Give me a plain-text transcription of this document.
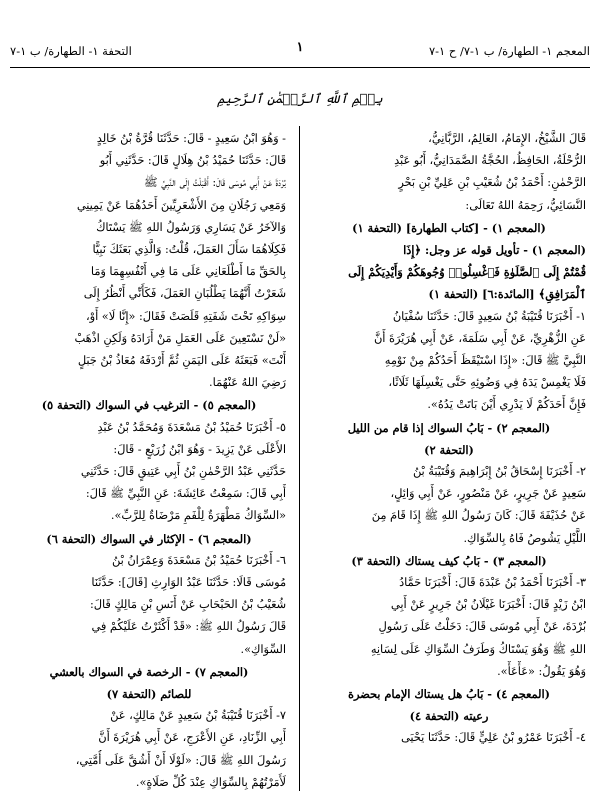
المعجم ١- الطهارة/ ب ١-٧/ ح ١-٧
١
التحفة ١- الطهارة/ ب ١-٧
بِسۡمِ ٱللَّهِ ٱلرَّحۡمَٰنِ ٱلرَّحِيمِ
قَالَ الشَّيْخُ، الإِمَامُ، العَالِمُ، الرَّبَّانِيُّ،
الرُّحْلَةُ، الحَافِظُ، الحُجَّةُ الصَّمَدَانِيُّ، أَبُو عَبْدِ
الرَّحْمٰنِ: أَحْمَدُ بْنُ شُعَيْبِ بْنِ عَلِيِّ بْنِ بَحْرٍ
النَّسَائِيُّ، رَحِمَهُ اللهُ تَعَالَى:
(المعجم ١) - [كتاب الطهارة] (التحفة ١)
(المعجم ١) - تأويل قوله عز وجل: ﴿إِذَا
قُمْتُمْ إِلَى ٱلصَّلَوٰةِ فَٱغْسِلُوا۟ وُجُوهَكُمْ وَأَيْدِيَكُمْ إِلَى
ٱلْمَرَافِقِ﴾ [المائدة:٦] (التحفة ١)
١- أَخْبَرَنَا قُتَيْبَةُ بْنُ سَعِيدٍ قَالَ: حَدَّثَنَا سُفْيَانُ
عَنِ الزُّهْرِيِّ، عَنْ أَبِي سَلَمَةَ، عَنْ أَبِي هُرَيْرَةَ أَنَّ
النَّبِيَّ ﷺ قَالَ: «إِذَا اسْتَيْقَظَ أَحَدُكُمْ مِنْ نَوْمِهِ
فَلَا يَغْمِسْ يَدَهُ فِي وَضُوئِهِ حَتَّى يَغْسِلَهَا ثَلَاثًا،
فَإِنَّ أَحَدَكُمْ لَا يَدْرِي أَيْنَ بَاتَتْ يَدُهُ».
(المعجم ٢) - بَابُ السواك إذا قام من الليل
(التحفة ٢)
٢- أَخْبَرَنَا إِسْحَاقُ بْنُ إِبْرَاهِيمَ وَقُتَيْبَةُ بْنُ
سَعِيدٍ عَنْ جَرِيرٍ، عَنْ مَنْصُورٍ، عَنْ أَبِي وَائِلٍ،
عَنْ حُذَيْفَةَ قَالَ: كَانَ رَسُولُ اللهِ ﷺ إِذَا قَامَ مِنَ
اللَّيْلِ يَشُوصُ فَاهُ بِالسِّوَاكِ.
(المعجم ٣) - بَابُ كيف يستاك (التحفة ٣)
٣- أَخْبَرَنَا أَحْمَدُ بْنُ عَبْدَةَ قَالَ: أَخْبَرَنَا حَمَّادُ
ابْنُ زَيْدٍ قَالَ: أَخْبَرَنَا غَيْلَانُ بْنُ جَرِيرٍ عَنْ أَبِي
بُرْدَةَ، عَنْ أَبِي مُوسَى قَالَ: دَخَلْتُ عَلَى رَسُولِ
اللهِ ﷺ وَهُوَ يَسْتَاكُ وَطَرَفُ السِّوَاكِ عَلَى لِسَانِهِ
وَهُوَ يَقُولُ: «عَأْعَأْ».
(المعجم ٤) - بَابُ هل يستاك الإمام بحضرة
رعيته (التحفة ٤)
٤- أَخْبَرَنَا عَمْرُو بْنُ عَلِيٍّ قَالَ: حَدَّثَنَا يَحْيَى
- وَهُوَ ابْنُ سَعِيدٍ - قَالَ: حَدَّثَنَا قُرَّةُ بْنُ خَالِدٍ
قَالَ: حَدَّثَنَا حُمَيْدُ بْنُ هِلَالٍ قَالَ: حَدَّثَنِي أَبُو
بُرْدَةَ عَنْ أَبِي مُوسَى قَالَ: أَقْبَلْتُ إِلَى النَّبِيِّ ﷺ
وَمَعِي رَجُلَانِ مِنَ الأَشْعَرِيِّينَ أَحَدُهُمَا عَنْ يَمِينِي
وَالآخَرُ عَنْ يَسَارِي وَرَسُولُ اللهِ ﷺ يَسْتَاكُ
فَكِلَاهُمَا سَأَلَ العَمَلَ، قُلْتُ: وَالَّذِي بَعَثَكَ نَبِيًّا
بِالحَقِّ مَا أَطْلَعَانِي عَلَى مَا فِي أَنْفُسِهِمَا وَمَا
شَعَرْتُ أَنَّهُمَا يَطْلُبَانِ العَمَلَ، فَكَأَنِّي أَنْظُرُ إِلَى
سِوَاكِهِ تَحْتَ شَفَتِهِ قَلَصَتْ فَقَالَ: «إِنَّا لَا» أَوْ،
«لَنْ نَسْتَعِينَ عَلَى العَمَلِ مَنْ أَرَادَهُ وَلَكِنِ اذْهَبْ
أَنْتَ» فَبَعَثَهُ عَلَى اليَمَنِ ثُمَّ أَرْدَفَهُ مُعَاذُ بْنُ جَبَلٍ
رَضِيَ اللهُ عَنْهُمَا.
(المعجم ٥) - الترغيب في السواك (التحفة ٥)
٥- أَخْبَرَنَا حُمَيْدُ بْنُ مَسْعَدَةَ وَمُحَمَّدُ بْنُ عَبْدِ
الأَعْلَى عَنْ يَزِيدَ - وَهُوَ ابْنُ زُرَيْعٍ - قَالَ:
حَدَّثَنِي عَبْدُ الرَّحْمٰنِ بْنُ أَبِي عَتِيقٍ قَالَ: حَدَّثَنِي
أَبِي قَالَ: سَمِعْتُ عَائِشَةَ: عَنِ النَّبِيِّ ﷺ قَالَ:
«السِّوَاكُ مَطْهَرَةٌ لِلْفَمِ مَرْضَاةٌ لِلرَّبِّ».
(المعجم ٦) - الإكثار في السواك (التحفة ٦)
٦- أَخْبَرَنَا حُمَيْدُ بْنُ مَسْعَدَةَ وَعِمْرَانُ بْنُ
مُوسَى قَالَا: حَدَّثَنَا عَبْدُ الوَارِثِ [قَالَ]: حَدَّثَنَا
شُعَيْبُ بْنُ الحَبْحَابِ عَنْ أَنَسِ بْنِ مَالِكٍ قَالَ:
قَالَ رَسُولُ اللهِ ﷺ: «قَدْ أَكْثَرْتُ عَلَيْكُمْ فِي
السِّوَاكِ».
(المعجم ٧) - الرخصة في السواك بالعشي
للصائم (التحفة ٧)
٧- أَخْبَرَنَا قُتَيْبَةُ بْنُ سَعِيدٍ عَنْ مَالِكٍ، عَنْ
أَبِي الزِّنَادِ، عَنِ الأَعْرَجِ، عَنْ أَبِي هُرَيْرَةَ أَنَّ
رَسُولَ اللهِ ﷺ قَالَ: «لَوْلَا أَنْ أَشُقَّ عَلَى أُمَّتِي،
لَأَمَرْتُهُمْ بِالسِّوَاكِ عِنْدَ كُلِّ صَلَاةٍ».
